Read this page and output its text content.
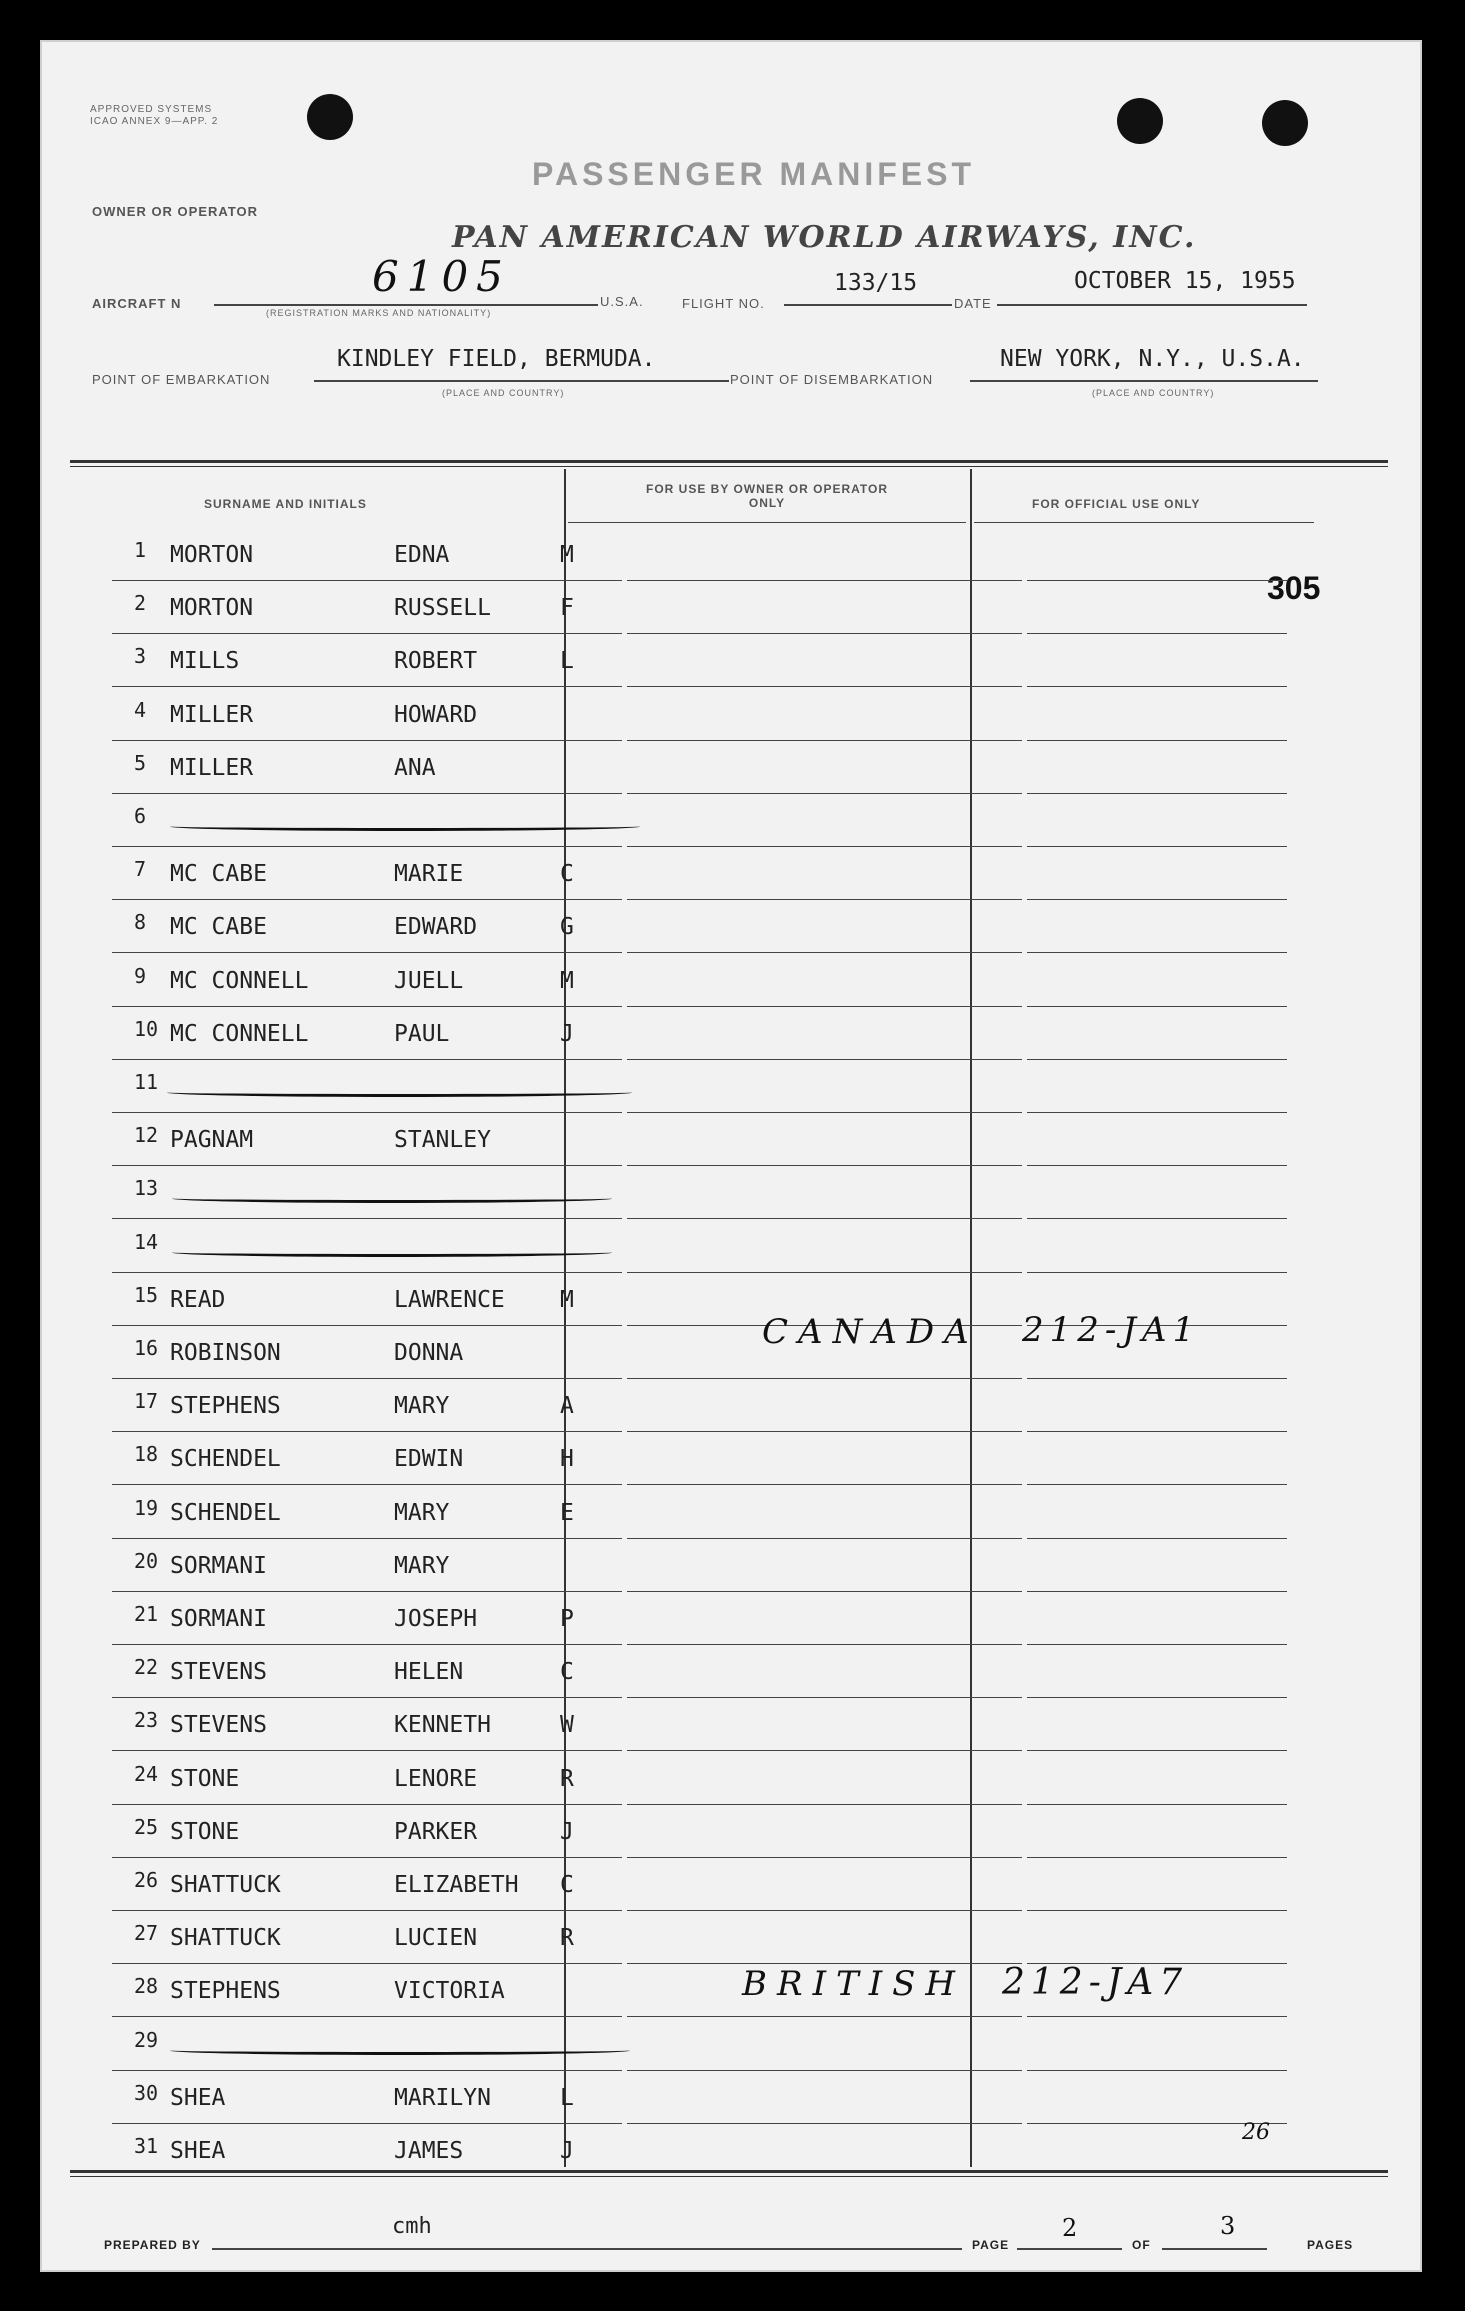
APPROVED SYSTEMS ICAO ANNEX 9—APP. 2
PASSENGER MANIFEST
OWNER OR OPERATOR
PAN AMERICAN WORLD AIRWAYS, INC.
AIRCRAFT N
6105
(REGISTRATION MARKS AND NATIONALITY)
U.S.A.	FLIGHT NO.
133/15
DATE
OCTOBER 15, 1955
POINT OF EMBARKATION
KINDLEY FIELD, BERMUDA.
(PLACE AND COUNTRY)
POINT OF DISEMBARKATION
NEW YORK, N.Y., U.S.A.
(PLACE AND COUNTRY)
SURNAME AND INITIALS
FOR USE BY OWNER OR OPERATOR ONLY	FOR OFFICIAL USE ONLY
305
1 MORTON	EDNA	M
2 MORTON	RUSSELL	F
3 MILLS	ROBERT	L
4 MILLER	HOWARD
5 MILLER	ANA
6
7 MC CABE	MARIE	C
8 MC CABE	EDWARD	G
9 MC CONNELL	JUELL	M
10 MC CONNELL	PAUL	J
11
12 PAGNAM	STANLEY
13
14
15 READ	LAWRENCE M
16 ROBINSON	DONNA
17 STEPHENS	MARY	A
18 SCHENDEL	EDWIN	H
19 SCHENDEL	MARY	E
20 SORMANI	MARY
21 SORMANI	JOSEPH	P
22 STEVENS	HELEN	C
23 STEVENS	KENNETH	W
24 STONE	LENORE	R
25 STONE	PARKER	J
26 SHATTUCK	ELIZABETH C
27 SHATTUCK	LUCIEN	R
28 STEPHENS	VICTORIA
29
30 SHEA	MARILYN	L
31 SHEA	JAMES	J
CANADA 212-JA1
BRITISH 212-JA7
26
PREPARED BY
cmh
PAGE
2
OF
3
PAGES
